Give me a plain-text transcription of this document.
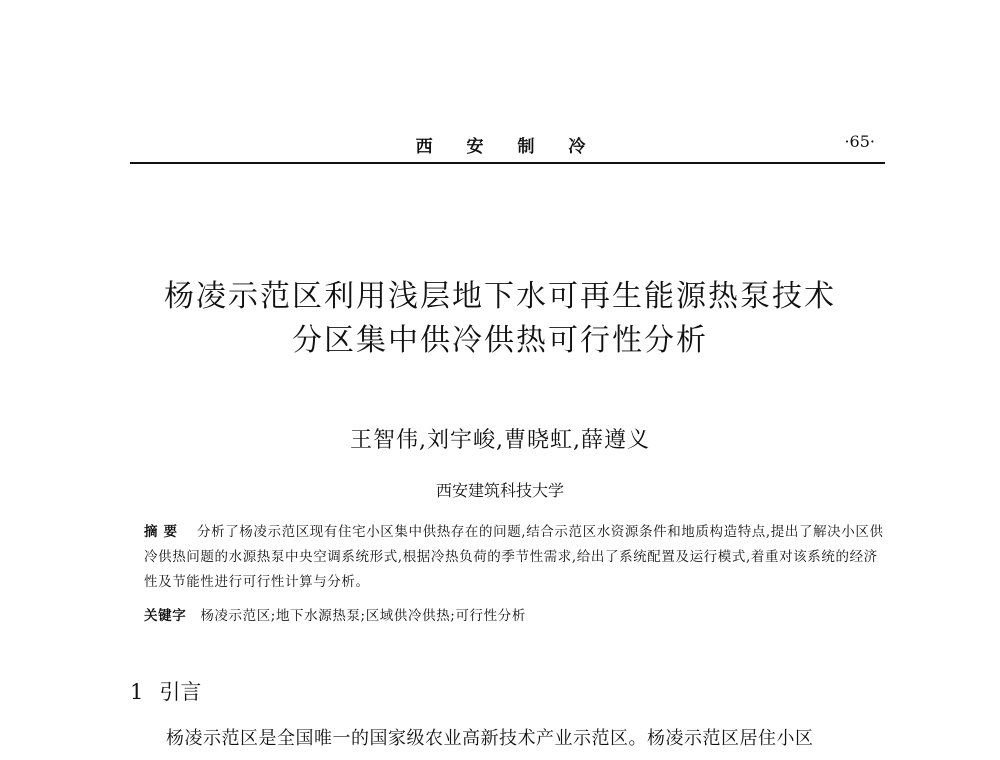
西 安 制 冷	·65·
杨凌示范区利用浅层地下水可再生能源热泵技术
分区集中供冷供热可行性分析
王智伟,刘宇峻,曹晓虹,薛遵义
西安建筑科技大学
摘要 分析了杨凌示范区现有住宅小区集中供热存在的问题,结合示范区水资源条件和地质构造特点,提出了解决小区供冷供热问题的水源热泵中央空调系统形式,根据冷热负荷的季节性需求,给出了系统配置及运行模式,着重对该系统的经济性及节能性进行可行性计算与分析。
关键字 杨凌示范区;地下水源热泵;区域供冷供热;可行性分析
1 引言
杨凌示范区是全国唯一的国家级农业高新技术产业示范区。杨凌示范区居住小区
